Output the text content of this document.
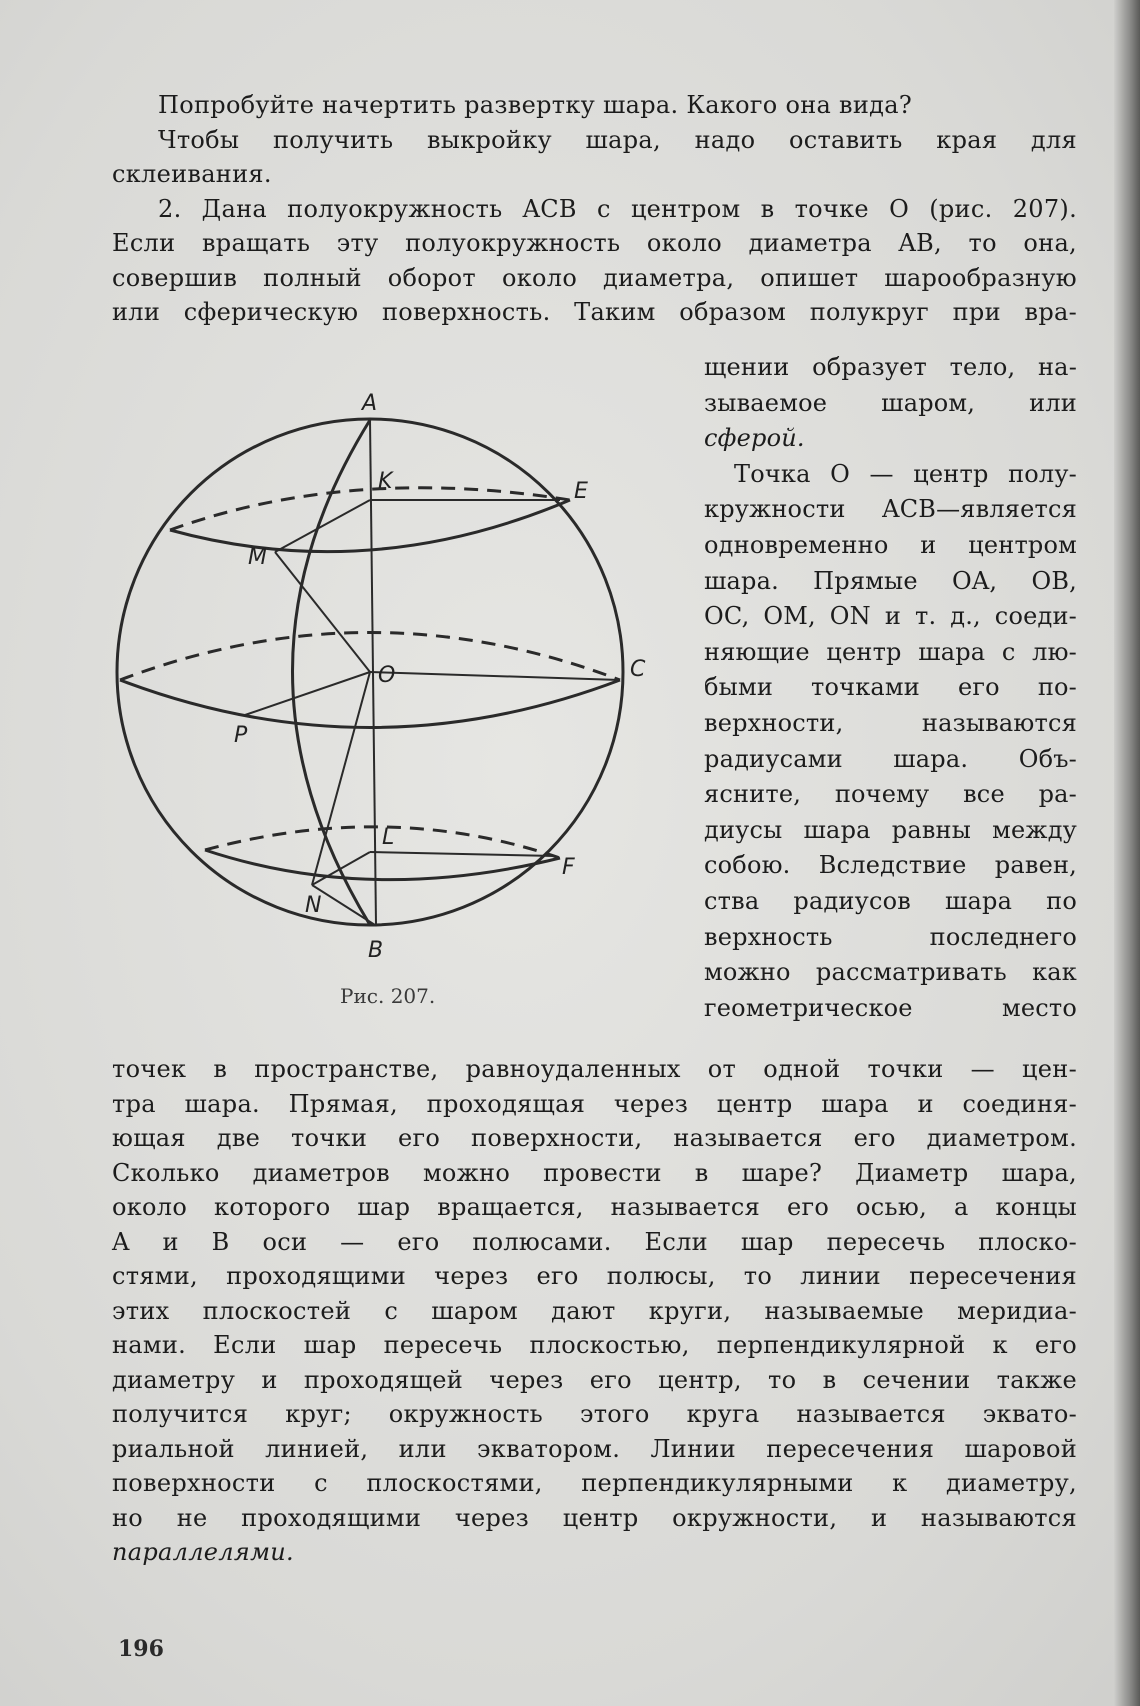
Попробуйте начертить развертку шара. Какого она вида?
Чтобы получить выкройку шара, надо оставить края для
склеивания.
2. Дана полуокружность ACB с центром в точке O (рис. 207).
Если вращать эту полуокружность около диаметра AB, то она,
совершив полный оборот около диаметра, опишет шарообразную
или сферическую поверхность. Таким образом полукруг при вра-
щении образует тело, на-
зываемое шаром, или
сферой.
Точка O — центр полу-
кружности ACB—является
одновременно и центром
шара. Прямые OA, OB,
OC, OM, ON и т. д., соеди-
няющие центр шара с лю-
быми точками его по-
верхности, называются
радиусами шара. Объ-
ясните, почему все ра-
диусы шара равны между
собою. Вследствие равен,
ства радиусов шара по
верхность последнего
можно рассматривать как
геометрическое место
A
B
C
O
K
L
M
N
P
E
F
Рис. 207.
точек в пространстве, равноудаленных от одной точки — цен-
тра шара. Прямая, проходящая через центр шара и соединя-
ющая две точки его поверхности, называется его диаметром.
Сколько диаметров можно провести в шаре? Диаметр шара,
около которого шар вращается, называется его осью, а концы
A и B оси — его полюсами. Если шар пересечь плоско-
стями, проходящими через его полюсы, то линии пересечения
этих плоскостей с шаром дают круги, называемые меридиа-
нами. Если шар пересечь плоскостью, перпендикулярной к его
диаметру и проходящей через его центр, то в сечении также
получится круг; окружность этого круга называется эквато-
риальной линией, или экватором. Линии пересечения шаровой
поверхности с плоскостями, перпендикулярными к диаметру,
но не проходящими через центр окружности, и называются
параллелями.
196
